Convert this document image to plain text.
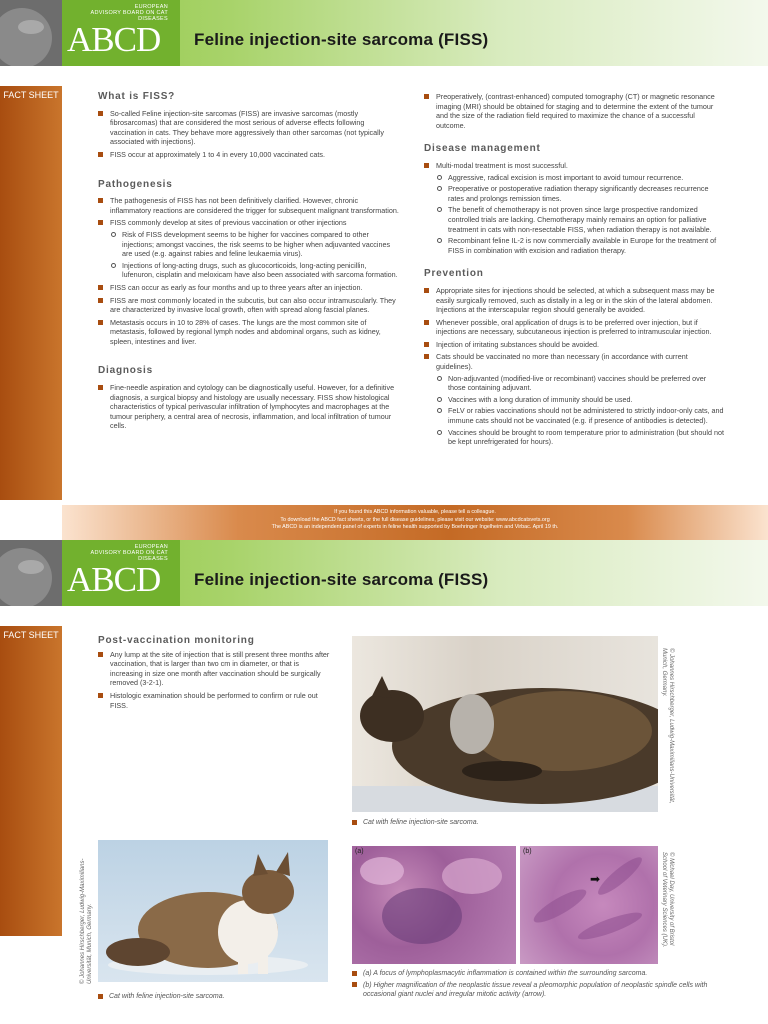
EUROPEAN
ADVISORY BOARD ON CAT DISEASES
ABCD Feline injection-site sarcoma (FISS)
FACT SHEET	What is FISS?
So-called Feline injection-site sarcomas (FISS) are invasive sarcomas (mostly fibrosarcomas) that are considered the most serious of adverse effects following vaccination in cats. They behave more aggressively than other sarcomas (not typically associated with injections).
FISS occur at approximately 1 to 4 in every 10,000 vaccinated cats.
Pathogenesis
The pathogenesis of FISS has not been definitively clarified. However, chronic inflammatory reactions are considered the trigger for subsequent malignant transformation.
FISS commonly develop at sites of previous vaccination or other injections
Risk of FISS development seems to be higher for vaccines compared to other injections; amongst vaccines, the risk seems to be higher when adjuvanted vaccines are used (e.g. against rabies and feline leukaemia virus).
Injections of long-acting drugs, such as glucocorticoids, long-acting penicillin, lufenuron, cisplatin and meloxicam have also been associated with sarcoma formation.
FISS can occur as early as four months and up to three years after an injection.
FISS are most commonly located in the subcutis, but can also occur intramuscularly. They are characterized by invasive local growth, often with spread along fascial planes.
Metastasis occurs in 10 to 28% of cases. The lungs are the most common site of metastasis, followed by regional lymph nodes and abdominal organs, such as kidney, spleen, intestines and liver.
Diagnosis
Fine-needle aspiration and cytology can be diagnostically useful. However, for a definitive diagnosis, a surgical biopsy and histology are usually necessary. FISS show histological characteristics of typical perivascular infiltration of lymphocytes and macrophages at the tumour periphery, a central area of necrosis, inflammation, and local infiltration of tumour cells.
Preoperatively, (contrast-enhanced) computed tomography (CT) or magnetic resonance imaging (MRI) should be obtained for staging and to determine the extent of the tumour and the size of the radiation field required to maximize the chance of a successful outcome.
Disease management
Multi-modal treatment is most successful.
Aggressive, radical excision is most important to avoid tumour recurrence.
Preoperative or postoperative radiation therapy significantly decreases recurrence rates and prolongs remission times.
The benefit of chemotherapy is not proven since large prospective randomized controlled trials are lacking. Chemotherapy mainly remains an option for palliative treatment in cats with non-resectable FISS, when radiation therapy is not available.
Recombinant feline IL-2 is now commercially available in Europe for the treatment of FISS in combination with excision and radiation therapy.
Prevention
Appropriate sites for injections should be selected, at which a subsequent mass may be easily surgically removed, such as distally in a leg or in the skin of the lateral abdomen. Injections at the interscapular region should generally be avoided.
Whenever possible, oral application of drugs is to be preferred over injection, but if injections are necessary, subcutaneous injection is preferred to intramuscular injection.
Injection of irritating substances should be avoided.
Cats should be vaccinated no more than necessary (in accordance with current guidelines).
Non-adjuvanted (modified-live or recombinant) vaccines should be preferred over those containing adjuvant.
Vaccines with a long duration of immunity should be used.
FeLV or rabies vaccinations should not be administered to strictly indoor-only cats, and immune cats should not be vaccinated (e.g. if presence of antibodies is detected).
Vaccines should be brought to room temperature prior to administration (but should not be kept unrefrigerated for hours).
If you found this ABCD information valuable, please tell a colleague.
To download the ABCD fact sheets, or the full disease guidelines, please visit our website: www.abcdcatsvets.org
The ABCD is an independent panel of experts in feline health supported by Boehringer Ingelheim and Virbac. April 19 th.
EUROPEAN
ADVISORY BOARD ON CAT DISEASES
ABCD Feline injection-site sarcoma (FISS)
FACT SHEET	Post-vaccination monitoring
Any lump at the site of injection that is still present three months after vaccination, that is larger than two cm in diameter, or that is increasing in size one month after vaccination should be surgically removed (3-2-1).
Histologic examination should be performed to confirm or rule out FISS.	© Johannes Hirschberger, Ludwig-Maximilians-Universität, Munich, Germany.
Cat with feline injection-site sarcoma.
© Johannes Hirschberger, Ludwig-Maximilians-Universität, Munich, Germany.
Cat with feline injection-site sarcoma.
(a)	(b)
➡	© Michael Day, University of Bristol School of Veterinary Sciences (UK).
(a) A focus of lymphoplasmacytic inflammation is contained within the surrounding sarcoma.
(b) Higher magnification of the neoplastic tissue reveal a pleomorphic population of neoplastic spindle cells with occasional giant nuclei and irregular mitotic activity (arrow).
